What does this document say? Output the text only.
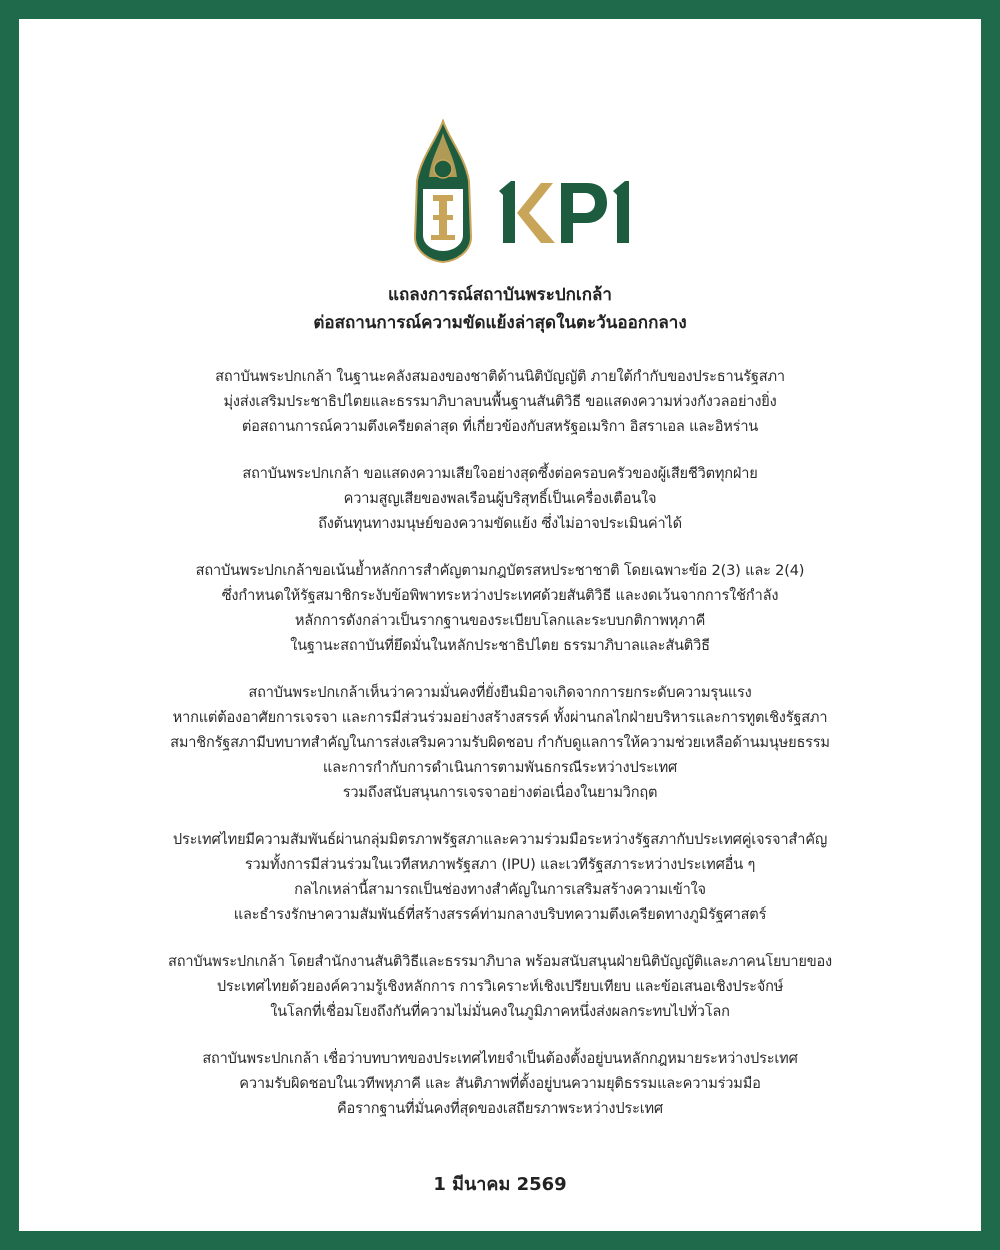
แถลงการณ์สถาบันพระปกเกล้า
ต่อสถานการณ์ความขัดแย้งล่าสุดในตะวันออกกลาง
สถาบันพระปกเกล้า ในฐานะคลังสมองของชาติด้านนิติบัญญัติ ภายใต้กำกับของประธานรัฐสภา
มุ่งส่งเสริมประชาธิปไตยและธรรมาภิบาลบนพื้นฐานสันติวิธี ขอแสดงความห่วงกังวลอย่างยิ่ง
ต่อสถานการณ์ความตึงเครียดล่าสุด ที่เกี่ยวข้องกับสหรัฐอเมริกา อิสราเอล และอิหร่าน
สถาบันพระปกเกล้า ขอแสดงความเสียใจอย่างสุดซึ้งต่อครอบครัวของผู้เสียชีวิตทุกฝ่าย
ความสูญเสียของพลเรือนผู้บริสุทธิ์เป็นเครื่องเตือนใจ
ถึงต้นทุนทางมนุษย์ของความขัดแย้ง ซึ่งไม่อาจประเมินค่าได้
สถาบันพระปกเกล้าขอเน้นย้ำหลักการสำคัญตามกฎบัตรสหประชาชาติ โดยเฉพาะข้อ 2(3) และ 2(4)
ซึ่งกำหนดให้รัฐสมาชิกระงับข้อพิพาทระหว่างประเทศด้วยสันติวิธี และงดเว้นจากการใช้กำลัง
หลักการดังกล่าวเป็นรากฐานของระเบียบโลกและระบบกติกาพหุภาคี
ในฐานะสถาบันที่ยึดมั่นในหลักประชาธิปไตย ธรรมาภิบาลและสันติวิธี
สถาบันพระปกเกล้าเห็นว่าความมั่นคงที่ยั่งยืนมิอาจเกิดจากการยกระดับความรุนแรง
หากแต่ต้องอาศัยการเจรจา และการมีส่วนร่วมอย่างสร้างสรรค์ ทั้งผ่านกลไกฝ่ายบริหารและการทูตเชิงรัฐสภา
สมาชิกรัฐสภามีบทบาทสำคัญในการส่งเสริมความรับผิดชอบ กำกับดูแลการให้ความช่วยเหลือด้านมนุษยธรรม
และการกำกับการดำเนินการตามพันธกรณีระหว่างประเทศ
รวมถึงสนับสนุนการเจรจาอย่างต่อเนื่องในยามวิกฤต
ประเทศไทยมีความสัมพันธ์ผ่านกลุ่มมิตรภาพรัฐสภาและความร่วมมือระหว่างรัฐสภากับประเทศคู่เจรจาสำคัญ
รวมทั้งการมีส่วนร่วมในเวทีสหภาพรัฐสภา (IPU) และเวทีรัฐสภาระหว่างประเทศอื่น ๆ
กลไกเหล่านี้สามารถเป็นช่องทางสำคัญในการเสริมสร้างความเข้าใจ
และธำรงรักษาความสัมพันธ์ที่สร้างสรรค์ท่ามกลางบริบทความตึงเครียดทางภูมิรัฐศาสตร์
สถาบันพระปกเกล้า โดยสำนักงานสันติวิธีและธรรมาภิบาล พร้อมสนับสนุนฝ่ายนิติบัญญัติและภาคนโยบายของ
ประเทศไทยด้วยองค์ความรู้เชิงหลักการ การวิเคราะห์เชิงเปรียบเทียบ และข้อเสนอเชิงประจักษ์
ในโลกที่เชื่อมโยงถึงกันที่ความไม่มั่นคงในภูมิภาคหนึ่งส่งผลกระทบไปทั่วโลก
สถาบันพระปกเกล้า เชื่อว่าบทบาทของประเทศไทยจำเป็นต้องตั้งอยู่บนหลักกฎหมายระหว่างประเทศ
ความรับผิดชอบในเวทีพหุภาคี และ สันติภาพที่ตั้งอยู่บนความยุติธรรมและความร่วมมือ
คือรากฐานที่มั่นคงที่สุดของเสถียรภาพระหว่างประเทศ
1 มีนาคม 2569
